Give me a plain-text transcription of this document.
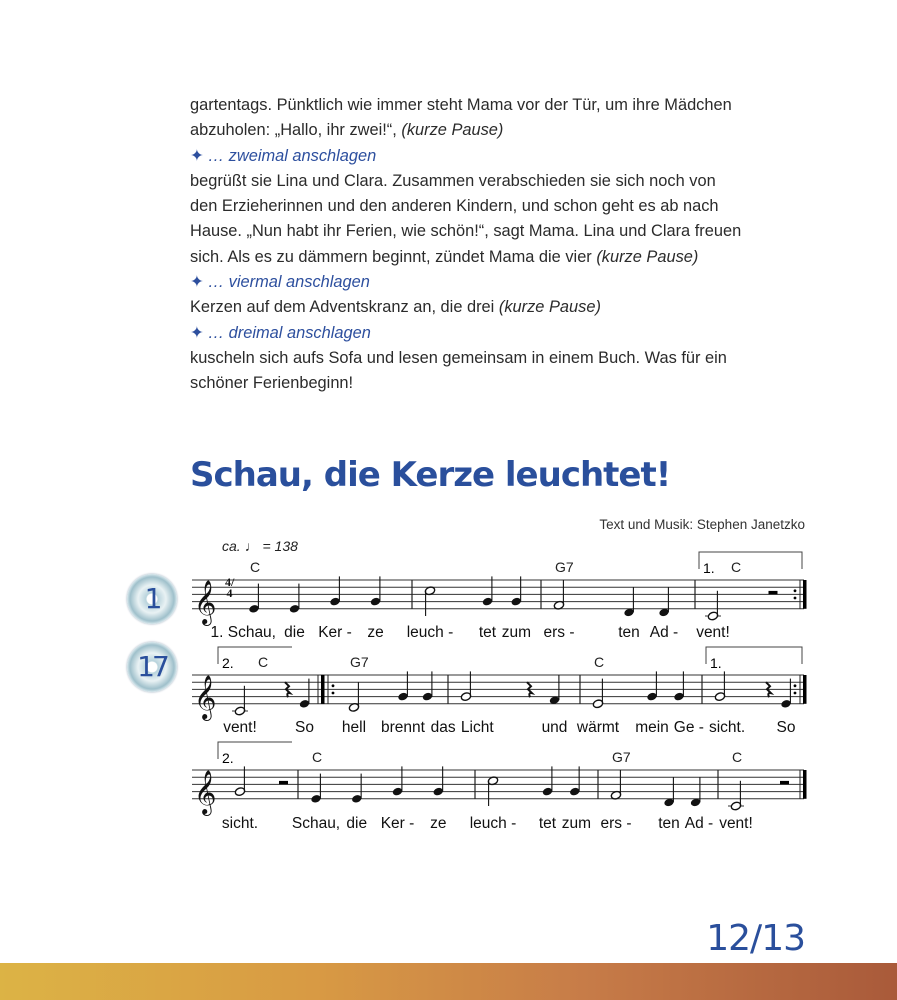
gartentags. Pünktlich wie immer steht Mama vor der Tür, um ihre Mädchen
abzuholen: „Hallo, ihr zwei!“, (kurze Pause)
✦ … zweimal anschlagen
begrüßt sie Lina und Clara. Zusammen verabschieden sie sich noch von
den Erzieherinnen und den anderen Kindern, und schon geht es ab nach
Hause. „Nun habt ihr Ferien, wie schön!“, sagt Mama. Lina und Clara freuen
sich. Als es zu dämmern beginnt, zündet Mama die vier (kurze Pause)
✦ … viermal anschlagen
Kerzen auf dem Adventskranz an, die drei (kurze Pause)
✦ … dreimal anschlagen
kuscheln sich aufs Sofa und lesen gemeinsam in einem Buch. Was für ein
schöner Ferienbeginn!
Schau, die Kerze leuchtet!
Text und Musik: Stephen Janetzko
ca. ♩ = 138
1
17
𝄞
C
1. Schau, die Ker - ze leuch - tet zum
G7
ers -	ten Ad -
1. C
vent!
𝄞
2. C
vent! So
G7
hell brennt das Licht	und
C
wärmt mein Ge -
1.
sicht. So
𝄞
2.
sicht.
C
Schau, die Ker - ze leuch - tet zum
G7
ers - ten Ad -
C
vent!
4/4
12/13
